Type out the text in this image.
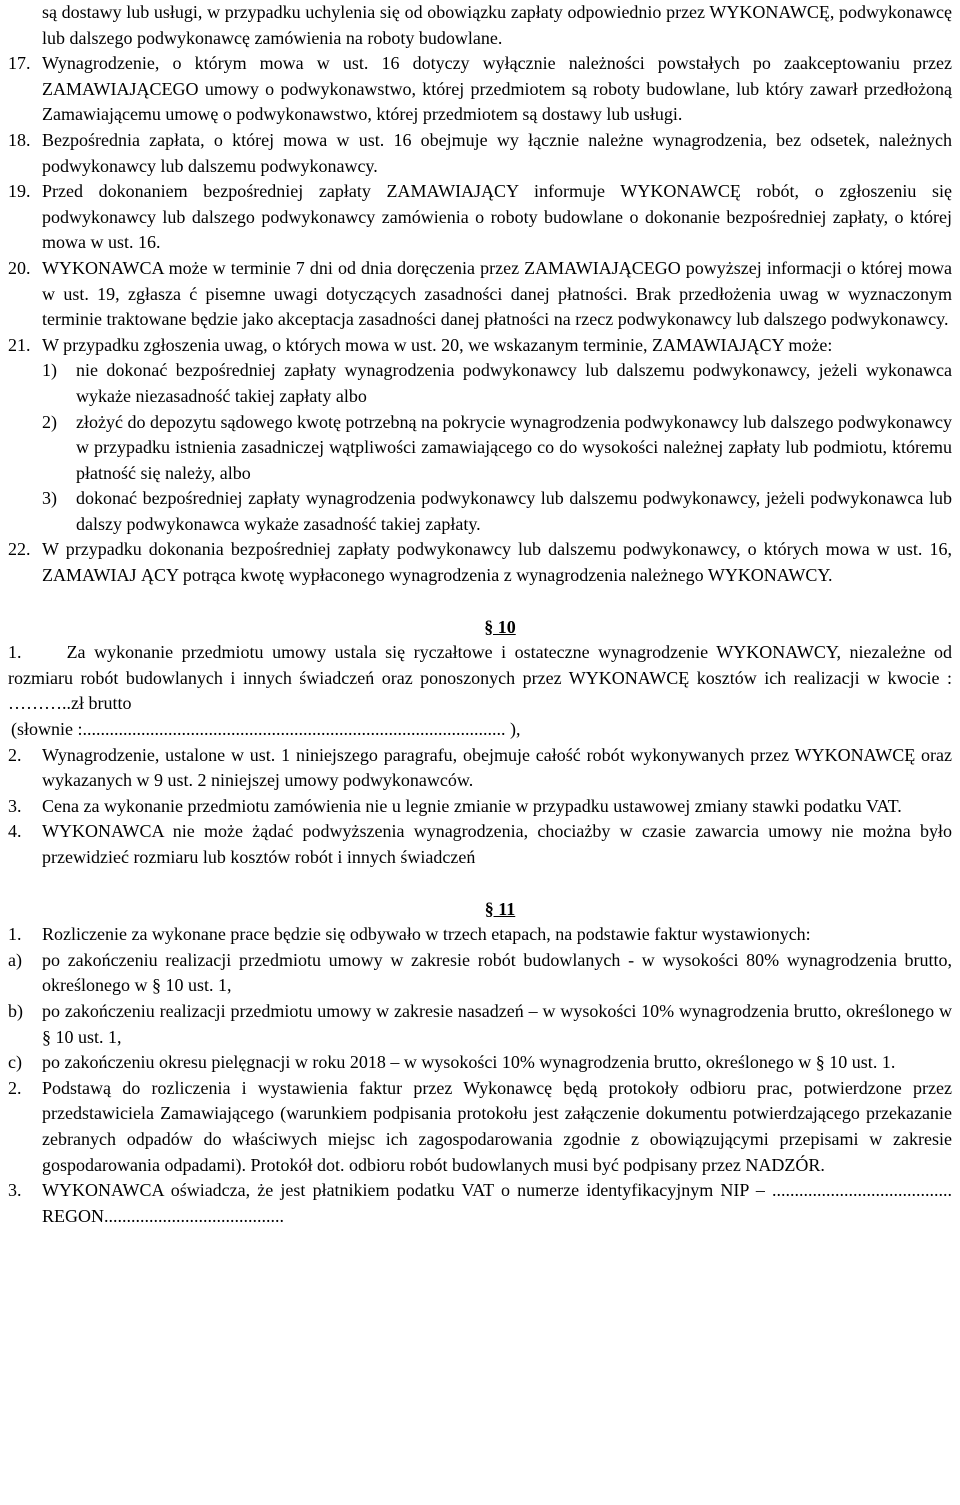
są dostawy lub usługi, w przypadku uchylenia się od obowiązku zapłaty odpowiednio przez WYKONAWCĘ, podwykonawcę lub dalszego podwykonawcę zamówienia na roboty budowlane.
17. Wynagrodzenie, o którym mowa w ust. 16 dotyczy wyłącznie należności powstałych po zaakceptowaniu przez ZAMAWIAJĄCEGO umowy o podwykonawstwo, której przedmiotem są roboty budowlane, lub który zawarł przedłożoną Zamawiającemu umowę o podwykonawstwo, której przedmiotem są dostawy lub usługi.
18. Bezpośrednia zapłata, o której mowa w ust. 16 obejmuje wy łącznie należne wynagrodzenia, bez odsetek, należnych podwykonawcy lub dalszemu podwykonawcy.
19. Przed dokonaniem bezpośredniej zapłaty ZAMAWIAJĄCY informuje WYKONAWCĘ robót, o zgłoszeniu się podwykonawcy lub dalszego podwykonawcy zamówienia o roboty budowlane o dokonanie bezpośredniej zapłaty, o której mowa w ust. 16.
20. WYKONAWCA może w terminie 7 dni od dnia doręczenia przez ZAMAWIAJĄCEGO powyższej informacji o której mowa w ust. 19, zgłasza ć pisemne uwagi dotyczących zasadności danej płatności. Brak przedłożenia uwag w wyznaczonym terminie traktowane będzie jako akceptacja zasadności danej płatności na rzecz podwykonawcy lub dalszego podwykonawcy.
21. W przypadku zgłoszenia uwag, o których mowa w ust. 20, we wskazanym terminie, ZAMAWIAJĄCY może:
1)	nie dokonać bezpośredniej zapłaty wynagrodzenia podwykonawcy lub dalszemu podwykonawcy, jeżeli wykonawca wykaże niezasadność takiej zapłaty albo
2)	złożyć do depozytu sądowego kwotę potrzebną na pokrycie wynagrodzenia podwykonawcy lub dalszego podwykonawcy w przypadku istnienia zasadniczej wątpliwości zamawiającego co do wysokości należnej zapłaty lub podmiotu, któremu płatność się należy, albo
3)	dokonać bezpośredniej zapłaty wynagrodzenia podwykonawcy lub dalszemu podwykonawcy, jeżeli podwykonawca lub dalszy podwykonawca wykaże zasadność takiej zapłaty.
22. W przypadku dokonania bezpośredniej zapłaty podwykonawcy lub dalszemu podwykonawcy, o których mowa w ust. 16, ZAMAWIAJ ĄCY potrąca kwotę wypłaconego wynagrodzenia z wynagrodzenia należnego WYKONAWCY.
§ 10
1.	Za wykonanie przedmiotu umowy ustala się ryczałtowe i ostateczne wynagrodzenie WYKONAWCY, niezależne od rozmiaru robót budowlanych i innych świadczeń oraz ponoszonych przez WYKONAWCĘ kosztów ich realizacji w kwocie : ………..zł brutto
(słownie :.............................................................................................. ),
2.	Wynagrodzenie, ustalone w ust. 1 niniejszego paragrafu, obejmuje całość robót wykonywanych przez WYKONAWCĘ oraz wykazanych w 9 ust. 2 niniejszej umowy podwykonawców.
3.	Cena za wykonanie przedmiotu zamówienia nie u legnie zmianie w przypadku ustawowej zmiany stawki podatku VAT.
4.	WYKONAWCA nie może żądać podwyższenia wynagrodzenia, chociażby w czasie zawarcia umowy nie można było przewidzieć rozmiaru lub kosztów robót i innych świadczeń
§ 11
1.	Rozliczenie za wykonane prace będzie się odbywało w trzech etapach, na podstawie faktur wystawionych:
a)	po zakończeniu realizacji przedmiotu umowy w zakresie robót budowlanych - w wysokości 80% wynagrodzenia brutto, określonego w § 10 ust. 1,
b)	po zakończeniu realizacji przedmiotu umowy w zakresie nasadzeń – w wysokości 10% wynagrodzenia brutto, określonego w § 10 ust. 1,
c)	po zakończeniu okresu pielęgnacji w roku 2018 – w wysokości 10% wynagrodzenia brutto, określonego w § 10 ust. 1.
2.	Podstawą do rozliczenia i wystawienia faktur przez Wykonawcę będą protokoły odbioru prac, potwierdzone przez przedstawiciela Zamawiającego (warunkiem podpisania protokołu jest załączenie dokumentu potwierdzającego przekazanie zebranych odpadów do właściwych miejsc ich zagospodarowania zgodnie z obowiązującymi przepisami w zakresie gospodarowania odpadami). Protokół dot. odbioru robót budowlanych musi być podpisany przez NADZÓR.
3.	WYKONAWCA oświadcza, że jest płatnikiem podatku VAT o numerze identyfikacyjnym NIP – ........................................ REGON........................................
